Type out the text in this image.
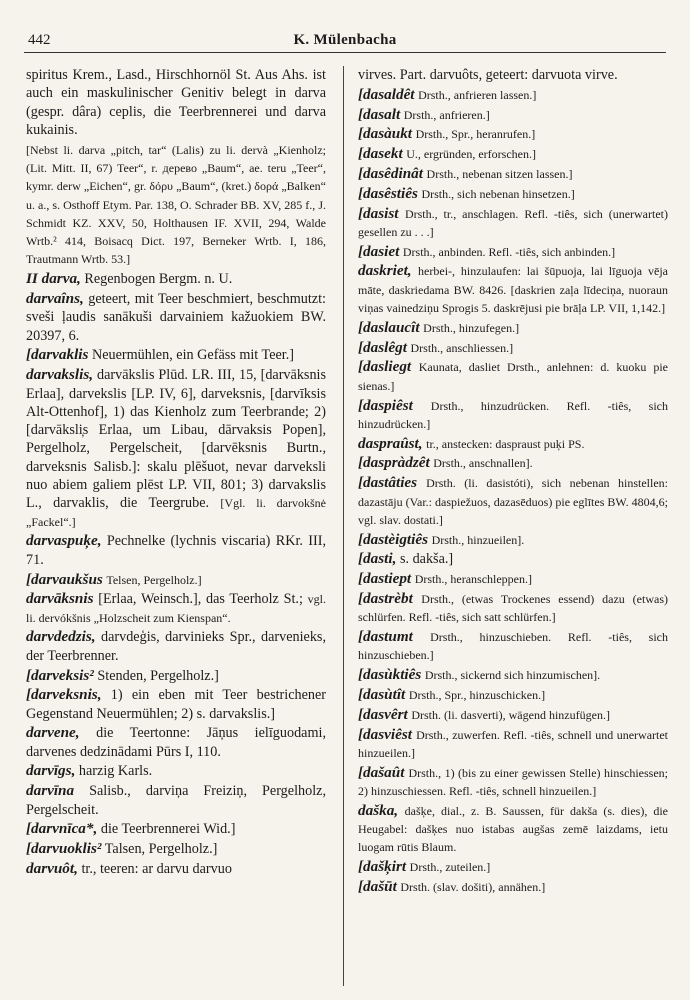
442	K. Mülenbacha

spiritus Krem., Lasd., Hirschhornöl St. Aus Ahs. ist auch ein maskulinischer Genitiv belegt in darva (gespr. dâra) ceplis, die Teerbrennerei und darva kukainis.

[Nebst li. darva „pitch, tar“ (Lalis) zu li. dervà „Kienholz; (Lit. Mitt. II, 67) Teer“, r. дерево „Baum“, ae. teru „Teer“, kymr. derw „Eichen“, gr. δόρυ „Baum“, (kret.) δορά „Balken“ u. a., s. Osthoff Etym. Par. 138, O. Schrader BB. XV, 285 f., J. Schmidt KZ. XXV, 50, Holthausen IF. XVII, 294, Walde Wrtb.² 414, Boisacq Dict. 197, Berneker Wrtb. I, 186, Trautmann Wrtb. 53.]

II darva, Regenbogen Bergm. n. U.

darvaîns, geteert, mit Teer beschmiert, beschmutzt: sveši ļaudis sanākuši darvainiem kažuokiem BW. 20397, 6.

[darvaklis Neuermühlen, ein Gefäss mit Teer.]

darvakslis, darvākslis Plūd. LR. III, 15, [darvāksnis Erlaa], darvekslis [LP. IV, 6], darveksnis, [darvīksis Alt-Ottenhof], 1) das Kienholz zum Teerbrande; 2) [darvāksli̦s Erlaa, um Libau, dārvaksis Popen], Pergelholz, Pergelscheit, [darvēksnis Burtn., darveksnis Salisb.]: skalu plēšuot, nevar darveksli nuo abiem galiem plēst LP. VII, 801; 3) darvakslis L., darvaklis, die Teergrube. [Vgl. li. darvokšnė „Fackel“.]

darvaspuķe, Pechnelke (lychnis viscaria) RKr. III, 71.

[darvaukšus Telsen, Pergelholz.]

darvāksnis [Erlaa, Weinsch.], das Teerholz St.; vgl. li. dervókšnis „Holzscheit zum Kienspan“.

darvdedzis, darvdeģis, darvinieks Spr., darvenieks, der Teerbrenner.

[darveksis² Stenden, Pergelholz.]

[darveksnis, 1) ein eben mit Teer bestrichener Gegenstand Neuermühlen; 2) s. darvakslis.]

darvene, die Teertonne: Jāņus ielīguodami, darvenes dedzinādami Pūrs I, 110.

darvīgs, harzig Karls.

darvīna Salisb., darviņa Freiziņ, Pergelholz, Pergelscheit.

[darvnīca*, die Teerbrennerei Wid.]

[darvuoklis² Talsen, Pergelholz.]

darvuôt, tr., teeren: ar darvu darvuo

virves. Part. darvuôts, geteert: darvuota virve.

[dasaldêt Drsth., anfrieren lassen.]

[dasalt Drsth., anfrieren.]

[dasàukt Drsth., Spr., heranrufen.]

[dasekt U., ergründen, erforschen.]

[dasêdinât Drsth., nebenan sitzen lassen.]

[dasêstiês Drsth., sich nebenan hinsetzen.]

[dasist Drsth., tr., anschlagen. Refl. -tiês, sich (unerwartet) gesellen zu . . .]

[dasiet Drsth., anbinden. Refl. -tiês, sich anbinden.]

daskriet, herbei-, hinzulaufen: lai šūpuoja, lai līguoja vēja māte, daskriedama BW. 8426. [daskrien zaļa līdeciņa, nuoraun viņas vainedziņu Sprogis 5. daskrējusi pie brāļa LP. VII, 1,142.]

[daslaucît Drsth., hinzufegen.]

[daslêgt Drsth., anschliessen.]

[dasliegt Kaunata, dasliet Drsth., anlehnen: d. kuoku pie sienas.]

[daspiêst Drsth., hinzudrücken. Refl. -tiês, sich hinzudrücken.]

daspraûst, tr., anstecken: daspraust puķi PS.

[daspràdzêt Drsth., anschnallen].

[dastâties Drsth. (li. dasistóti), sich nebenan hinstellen: dazastāju (Var.: daspiežuos, dazasēduos) pie eglītes BW. 4804,6; vgl. slav. dostati.]

[dastèigtiês Drsth., hinzueilen].

[dasti, s. dakša.]

[dastiept Drsth., heranschleppen.]

[dastrèbt Drsth., (etwas Trockenes essend) dazu (etwas) schlürfen. Refl. -tiês, sich satt schlürfen.]

[dastumt Drsth., hinzuschieben. Refl. -tiês, sich hinzuschieben.]

[dasùktiês Drsth., sickernd sich hinzumischen].

[dasùtît Drsth., Spr., hinzuschicken.]

[dasvêrt Drsth. (li. dasverti), wägend hinzufügen.]

[dasviêst Drsth., zuwerfen. Refl. -tiês, schnell und unerwartet hinzueilen.]

[dašaût Drsth., 1) (bis zu einer gewissen Stelle) hinschiessen; 2) hinzuschiessen. Refl. -tiês, schnell hinzueilen.]

daška, dašķe, dial., z. B. Saussen, für dakša (s. dies), die Heugabel: dašķes nuo istabas augšas zemē laizdams, ietu luogam rūtis Blaum.

[dašķirt Drsth., zuteilen.]

[dašūt Drsth. (slav. došiti), annähen.]
